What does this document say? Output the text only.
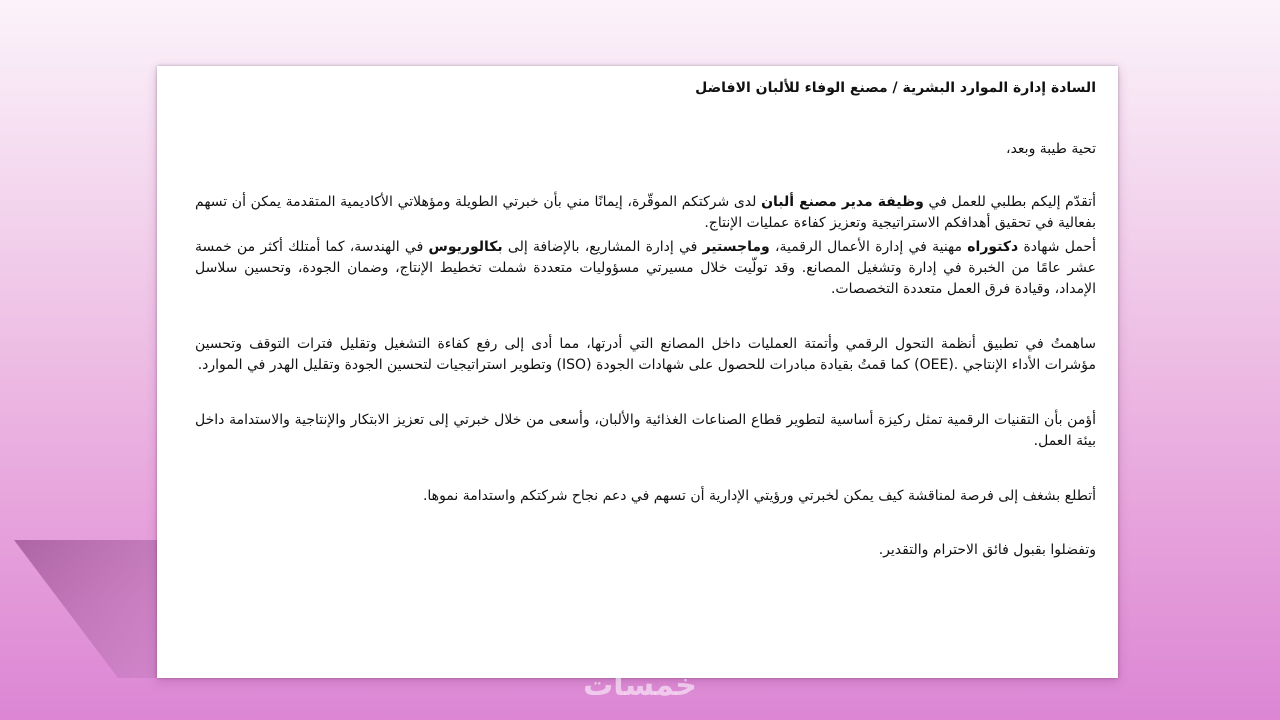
السادة إدارة الموارد البشرية / مصنع الوفاء للألبان الافاضل

تحية طيبة وبعد،

أتقدّم إليكم بطلبي للعمل في وظيفة مدير مصنع ألبان لدى شركتكم الموقّرة، إيمانًا مني بأن خبرتي الطويلة ومؤهلاتي الأكاديمية المتقدمة يمكن أن تسهم بفعالية في تحقيق أهدافكم الاستراتيجية وتعزيز كفاءة عمليات الإنتاج.

أحمل شهادة دكتوراه مهنية في إدارة الأعمال الرقمية، وماجستير في إدارة المشاريع، بالإضافة إلى بكالوريوس في الهندسة، كما أمتلك أكثر من خمسة عشر عامًا من الخبرة في إدارة وتشغيل المصانع. وقد تولّيت خلال مسيرتي مسؤوليات متعددة شملت تخطيط الإنتاج، وضمان الجودة، وتحسين سلاسل الإمداد، وقيادة فرق العمل متعددة التخصصات.

ساهمتُ في تطبيق أنظمة التحول الرقمي وأتمتة العمليات داخل المصانع التي أدرتها، مما أدى إلى رفع كفاءة التشغيل وتقليل فترات التوقف وتحسين مؤشرات الأداء الإنتاجي .(OEE) كما قمتُ بقيادة مبادرات للحصول على شهادات الجودة (ISO) وتطوير استراتيجيات لتحسين الجودة وتقليل الهدر في الموارد.

أؤمن بأن التقنيات الرقمية تمثل ركيزة أساسية لتطوير قطاع الصناعات الغذائية والألبان، وأسعى من خلال خبرتي إلى تعزيز الابتكار والإنتاجية والاستدامة داخل بيئة العمل.

أتطلع بشغف إلى فرصة لمناقشة كيف يمكن لخبرتي ورؤيتي الإدارية أن تسهم في دعم نجاح شركتكم واستدامة نموها.

وتفضلوا بقبول فائق الاحترام والتقدير.

خمسات
